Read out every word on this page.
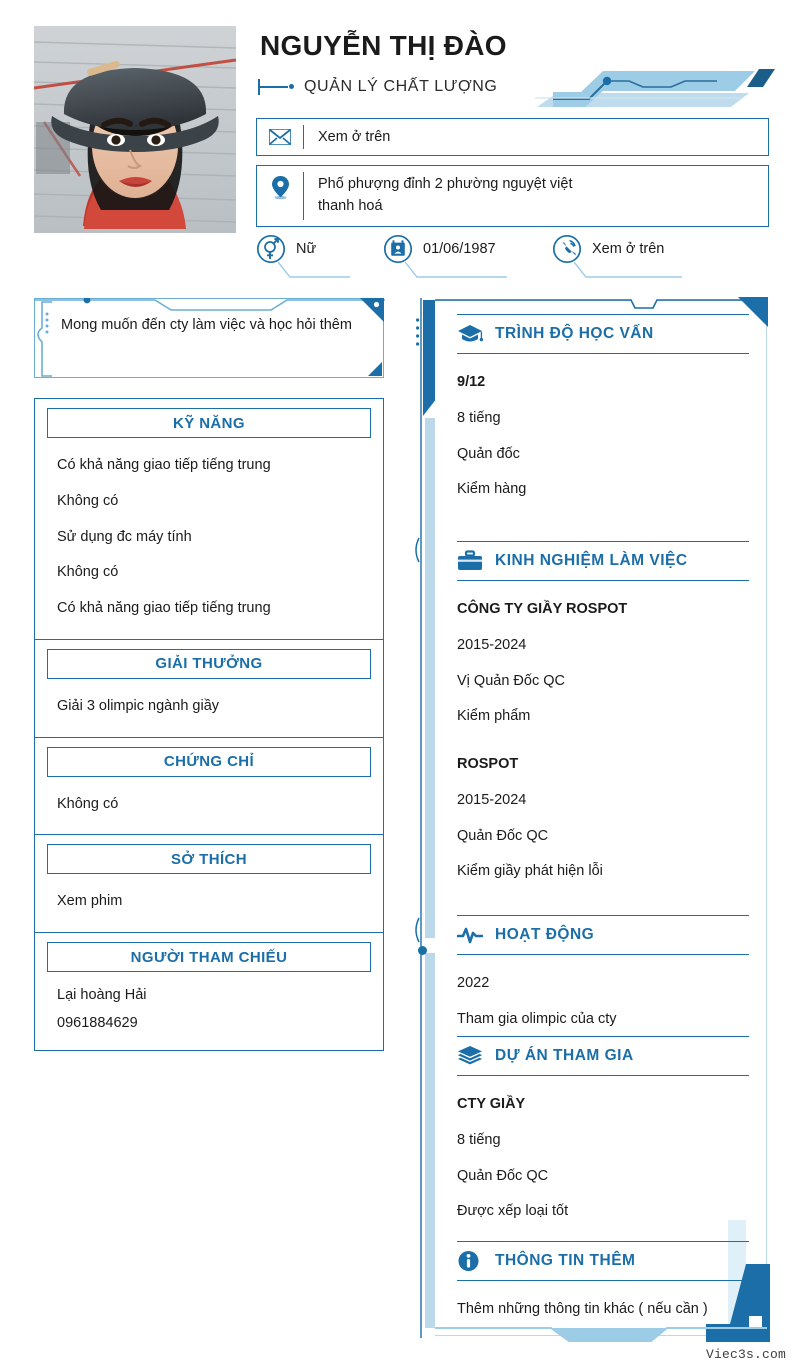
NGUYỄN THỊ ĐÀO
QUẢN LÝ CHẤT LƯỢNG
Xem ở trên
Phố phượng đỉnh 2 phường nguyệt việt
thanh hoá
Nữ	01/06/1987	Xem ở trên
Mong muốn đến cty làm việc và học hỏi thêm
KỸ NĂNG
Có khả năng giao tiếp tiếng trung
Không có
Sử dụng đc máy tính
Không có
Có khả năng giao tiếp tiếng trung
GIẢI THƯỞNG
Giải 3 olimpic ngành giầy
CHỨNG CHỈ
Không có
SỞ THÍCH
Xem phim
NGƯỜI THAM CHIẾU
Lại hoàng Hải
0961884629
TRÌNH ĐỘ HỌC VẤN
9/12
8 tiếng
Quản đốc
Kiểm hàng
KINH NGHIỆM LÀM VIỆC
CÔNG TY GIẦY ROSPOT
2015-2024
Vị Quản Đốc QC
Kiểm phẩm
ROSPOT
2015-2024
Quản Đốc QC
Kiểm giầy phát hiện lỗi
HOẠT ĐỘNG
2022
Tham gia olimpic của cty
DỰ ÁN THAM GIA
CTY GIẦY
8 tiếng
Quản Đốc QC
Được xếp loại tốt
THÔNG TIN THÊM
Thêm những thông tin khác ( nếu cần )
Viec3s.com
